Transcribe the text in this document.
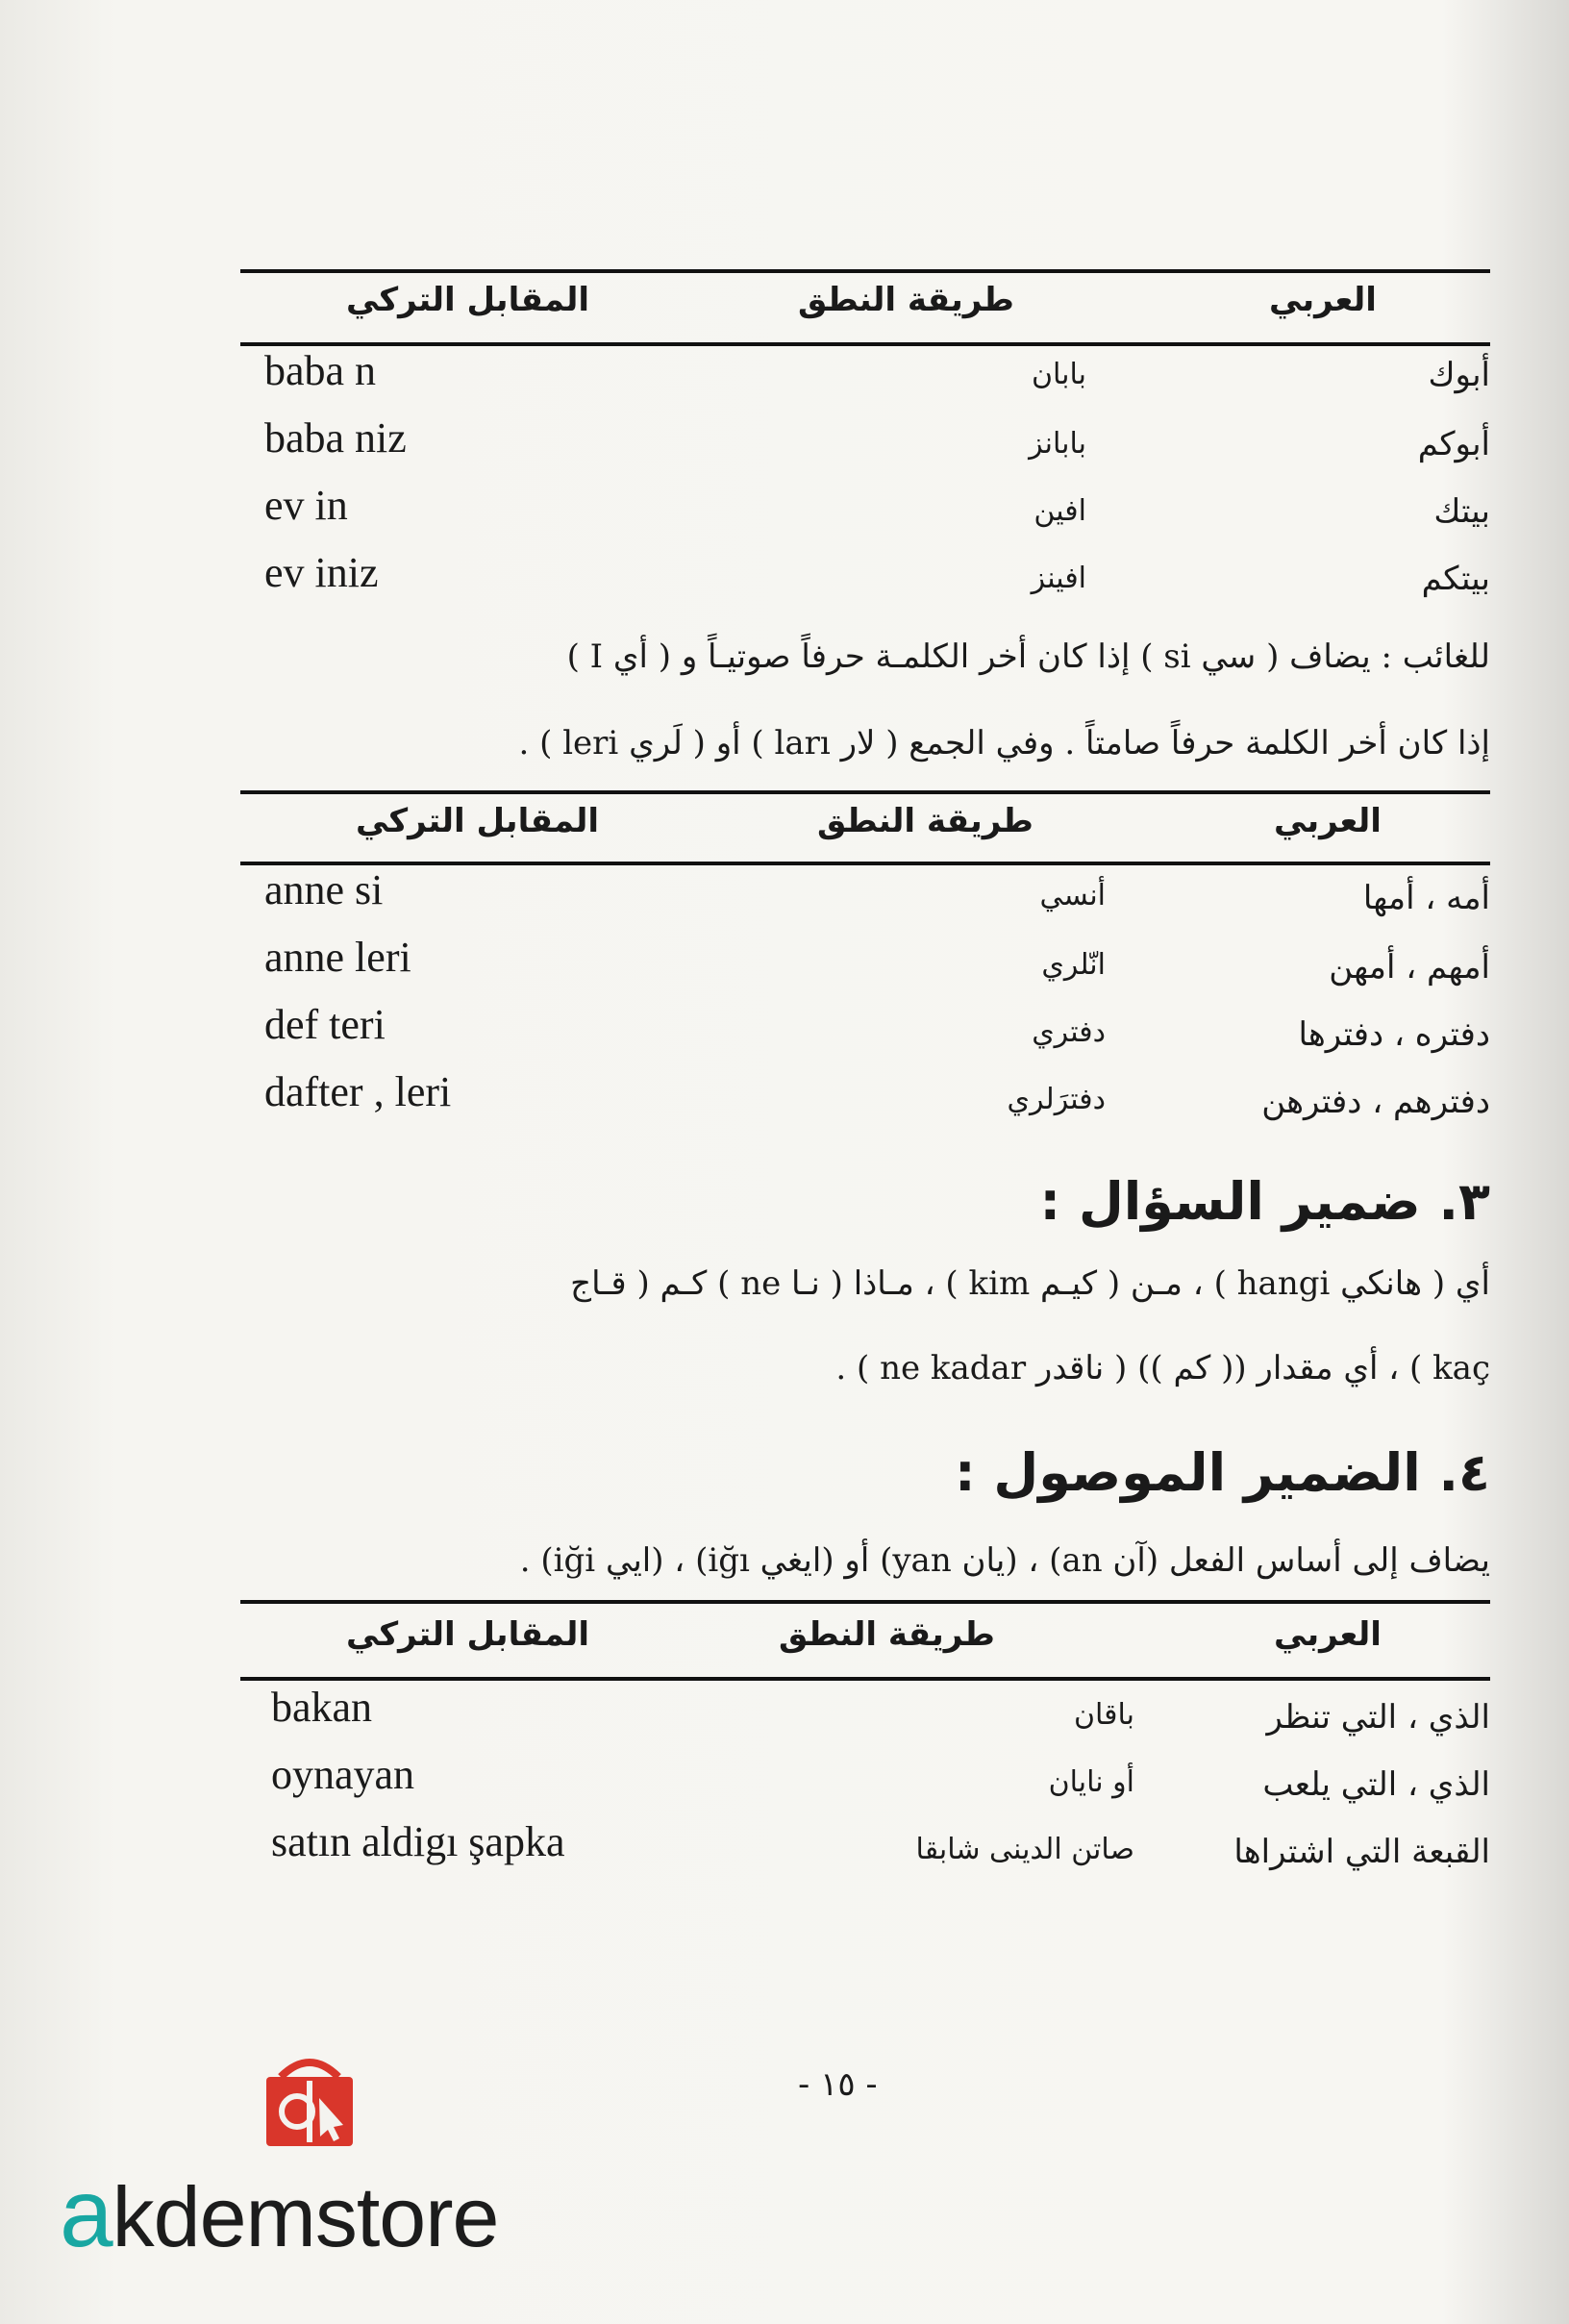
المقابل التركي	طريقة النطق	العربي
baba n	بابان	أبوك
baba niz	بابانز	أبوكم
ev in	افين	بيتك
ev iniz	افينز	بيتكم
للغائب : يضاف ( سي si ) إذا كان أخر الكلمـة حرفاً صوتيـاً و ( أي I )
إذا كان أخر الكلمة حرفاً صامتاً . وفي الجمع ( لار ları ) أو ( لَري leri ) .
المقابل التركي	طريقة النطق	العربي
anne si	أنسي	أمه ، أمها
anne leri	انّلري	أمهم ، أمهن
def teri	دفتري	دفتره ، دفترها
dafter , leri	دفترَلري	دفترهم ، دفترهن
٣. ضمير السؤال :
أي ( هانكي hangi ) ، مـن ( كيـم kim ) ، مـاذا ( نـا ne ) كـم ( قـاج
kaç ) ، أي مقدار (( كم )) ( ناقدر ne kadar ) .
٤. الضمير الموصول :
يضاف إلى أساس الفعل (آن an) ، (يان yan) أو (ايغي iğı) ، (ايي iği) .
المقابل التركي	طريقة النطق	العربي
bakan	باقان	الذي ، التي تنظر
oynayan	أو نايان	الذي ، التي يلعب
satın aldigı şapka	صاتن الدينى شابقا	القبعة التي اشتراها
- ١٥ -
akdemstore
